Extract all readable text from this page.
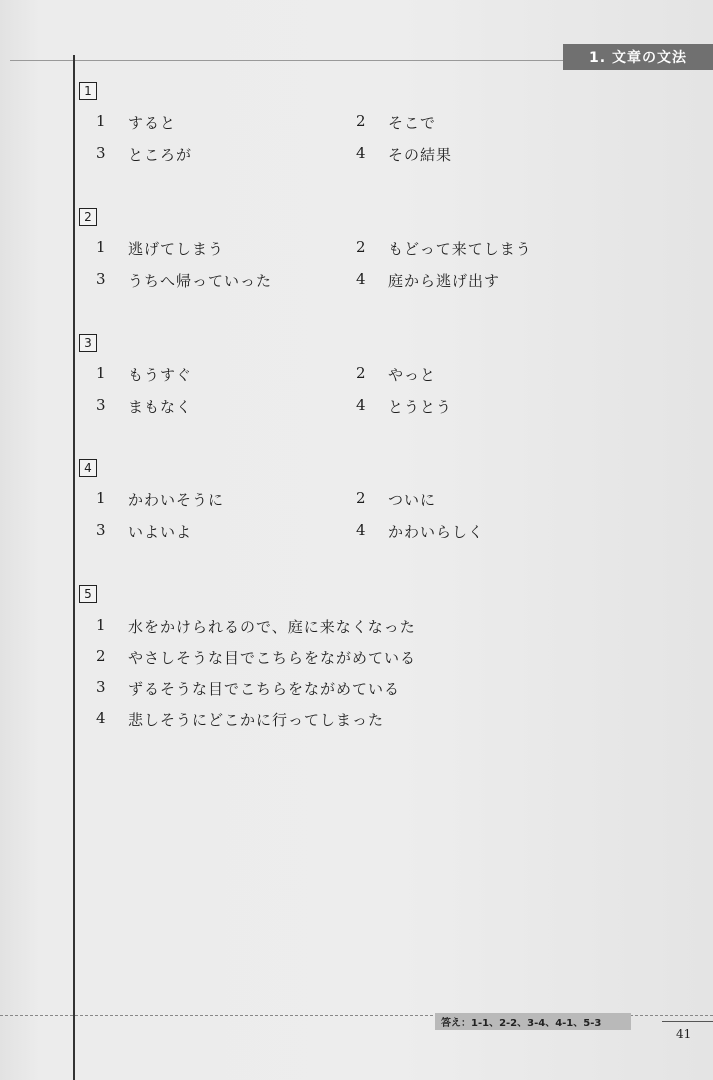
1. 文章の文法
1
1 すると	2 そこで
3 ところが	4 その結果
2
1 逃げてしまう	2 もどって来てしまう
3 うちへ帰っていった	4 庭から逃げ出す
3
1 もうすぐ	2 やっと
3 まもなく	4 とうとう
4
1 かわいそうに	2 ついに
3 いよいよ	4 かわいらしく
5
1 水をかけられるので、庭に来なくなった
2 やさしそうな目でこちらをながめている
3 ずるそうな目でこちらをながめている
4 悲しそうにどこかに行ってしまった
答え：1-1、2-2、3-4、4-1、5-3
41
